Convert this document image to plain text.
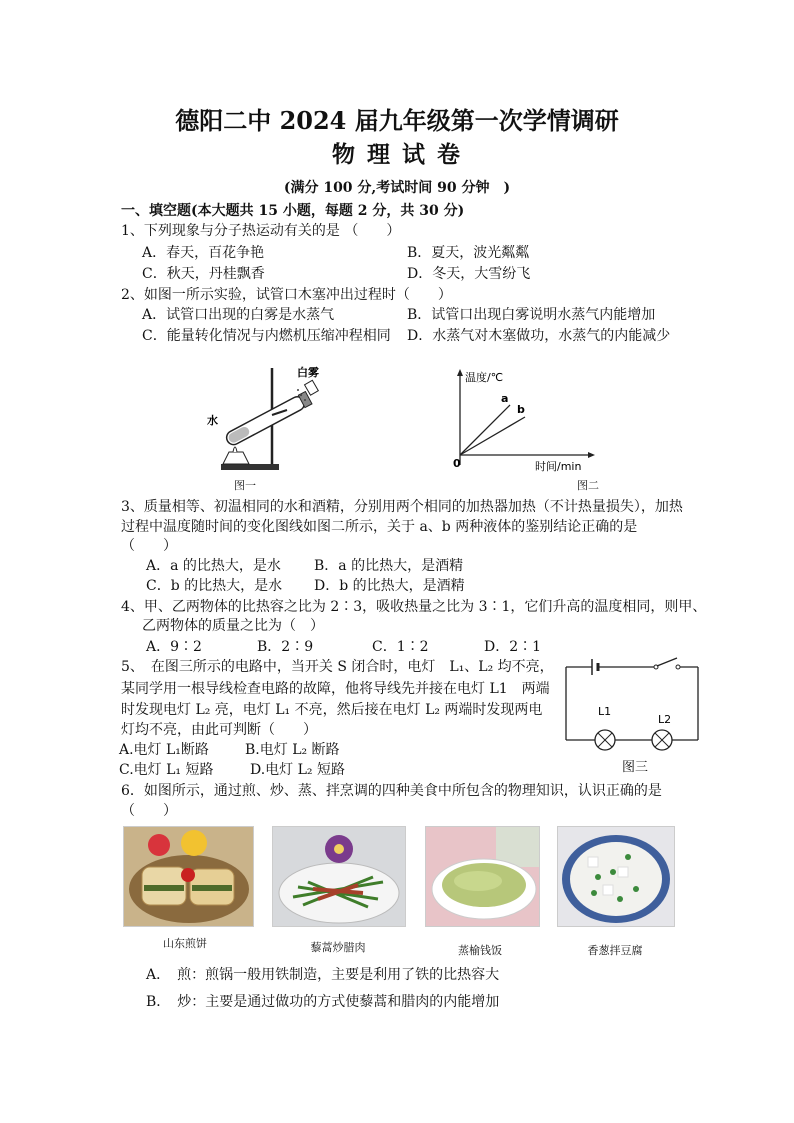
德阳二中 2024 届九年级第一次学情调研
物 理 试 卷
(满分 100 分,考试时间 90 分钟　)
一、填空题(本大题共 15 小题，每题 2 分，共 30 分)
1、下列现象与分子热运动有关的是 （　　）
A．春天，百花争艳	B．夏天，波光粼粼
C．秋天，丹桂飘香	D．冬天，大雪纷飞
2、如图一所示实验，试管口木塞冲出过程时（　　）
A．试管口出现的白雾是水蒸气	B．试管口出现白雾说明水蒸气内能增加
C．能量转化情况与内燃机压缩冲程相同 D．水蒸气对木塞做功，水蒸气的内能减少
白雾
水
图一
温度/℃
时间/min
0
a
b
图二
3、质量相等、初温相同的水和酒精，分别用两个相同的加热器加热（不计热量损失），加热
过程中温度随时间的变化图线如图二所示，关于 a、b 两种液体的鉴别结论正确的是
（　　）
A．a 的比热大，是水 B．a 的比热大，是酒精
C．b 的比热大，是水 D．b 的比热大，是酒精
4、甲、乙两物体的比热容之比为 2∶3，吸收热量之比为 3∶1，它们升高的温度相同，则甲、
乙两物体的质量之比为（　）
A．9∶2	B．2∶9	C．1∶2	D．2∶1
5、　在图三所示的电路中，当开关 S 闭合时，电灯　L₁、L₂ 均不亮，
某同学用一根导线检查电路的故障，他将导线先并接在电灯 L1　两端
时发现电灯 L₂ 亮，电灯 L₁ 不亮，然后接在电灯 L₂ 两端时发现两电
灯均不亮，由此可判断（　　）
A.电灯 L₁断路	B.电灯 L₂ 断路
C.电灯 L₁ 短路	D.电灯 L₂ 短路
L1
L2
图三
6．如图所示，通过煎、炒、蒸、拌烹调的四种美食中所包含的物理知识，认识正确的是
（　　）
山东煎饼	藜蒿炒腊肉	蒸榆钱饭	香葱拌豆腐
A．　煎：煎锅一般用铁制造，主要是利用了铁的比热容大
B．　炒：主要是通过做功的方式使藜蒿和腊肉的内能增加
